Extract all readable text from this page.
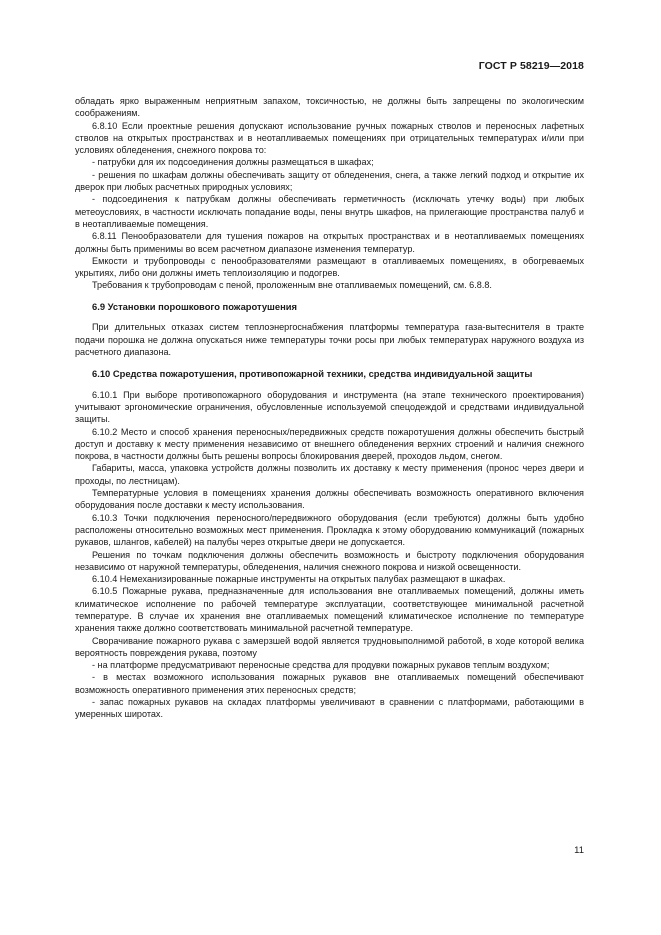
ГОСТ Р 58219—2018
обладать ярко выраженным неприятным запахом, токсичностью, не должны быть запрещены по экологическим соображениям.
6.8.10 Если проектные решения допускают использование ручных пожарных стволов и переносных лафетных стволов на открытых пространствах и в неотапливаемых помещениях при отрицательных температурах и/или при условиях обледенения, снежного покрова то:
- патрубки для их подсоединения должны размещаться в шкафах;
- решения по шкафам должны обеспечивать защиту от обледенения, снега, а также легкий подход и открытие их дверок при любых расчетных природных условиях;
- подсоединения к патрубкам должны обеспечивать герметичность (исключать утечку воды) при любых метеоусловиях, в частности исключать попадание воды, пены внутрь шкафов, на прилегающие пространства палуб и в неотапливаемые помещения.
6.8.11 Пенообразователи для тушения пожаров на открытых пространствах и в неотапливаемых помещениях должны быть применимы во всем расчетном диапазоне изменения температур.
Емкости и трубопроводы с пенообразователями размещают в отапливаемых помещениях, в обогреваемых укрытиях, либо они должны иметь теплоизоляцию и подогрев.
Требования к трубопроводам с пеной, проложенным вне отапливаемых помещений, см. 6.8.8.
6.9 Установки порошкового пожаротушения
При длительных отказах систем теплоэнергоснабжения платформы температура газа-вытеснителя в тракте подачи порошка не должна опускаться ниже температуры точки росы при любых температурах наружного воздуха из расчетного диапазона.
6.10 Средства пожаротушения, противопожарной техники, средства индивидуальной защиты
6.10.1 При выборе противопожарного оборудования и инструмента (на этапе технического проектирования) учитывают эргономические ограничения, обусловленные используемой спецодеждой и средствами индивидуальной защиты.
6.10.2 Место и способ хранения переносных/передвижных средств пожаротушения должны обеспечить быстрый доступ и доставку к месту применения независимо от внешнего обледенения верхних строений и наличия снежного покрова, в частности должны быть решены вопросы блокирования дверей, проходов льдом, снегом.
Габариты, масса, упаковка устройств должны позволить их доставку к месту применения (пронос через двери и проходы, по лестницам).
Температурные условия в помещениях хранения должны обеспечивать возможность оперативного включения оборудования после доставки к месту использования.
6.10.3 Точки подключения переносного/передвижного оборудования (если требуются) должны быть удобно расположены относительно возможных мест применения. Прокладка к этому оборудованию коммуникаций (пожарных рукавов, шлангов, кабелей) на палубы через открытые двери не допускается.
Решения по точкам подключения должны обеспечить возможность и быстроту подключения оборудования независимо от наружной температуры, обледенения, наличия снежного покрова и низкой освещенности.
6.10.4 Немеханизированные пожарные инструменты на открытых палубах размещают в шкафах.
6.10.5 Пожарные рукава, предназначенные для использования вне отапливаемых помещений, должны иметь климатическое исполнение по рабочей температуре эксплуатации, соответствующее минимальной расчетной температуре. В случае их хранения вне отапливаемых помещений климатическое исполнение по температуре хранения также должно соответствовать минимальной расчетной температуре.
Сворачивание пожарного рукава с замерзшей водой является трудновыполнимой работой, в ходе которой велика вероятность повреждения рукава, поэтому
- на платформе предусматривают переносные средства для продувки пожарных рукавов теплым воздухом;
- в местах возможного использования пожарных рукавов вне отапливаемых помещений обеспечивают возможность оперативного применения этих переносных средств;
- запас пожарных рукавов на складах платформы увеличивают в сравнении с платформами, работающими в умеренных широтах.
11
